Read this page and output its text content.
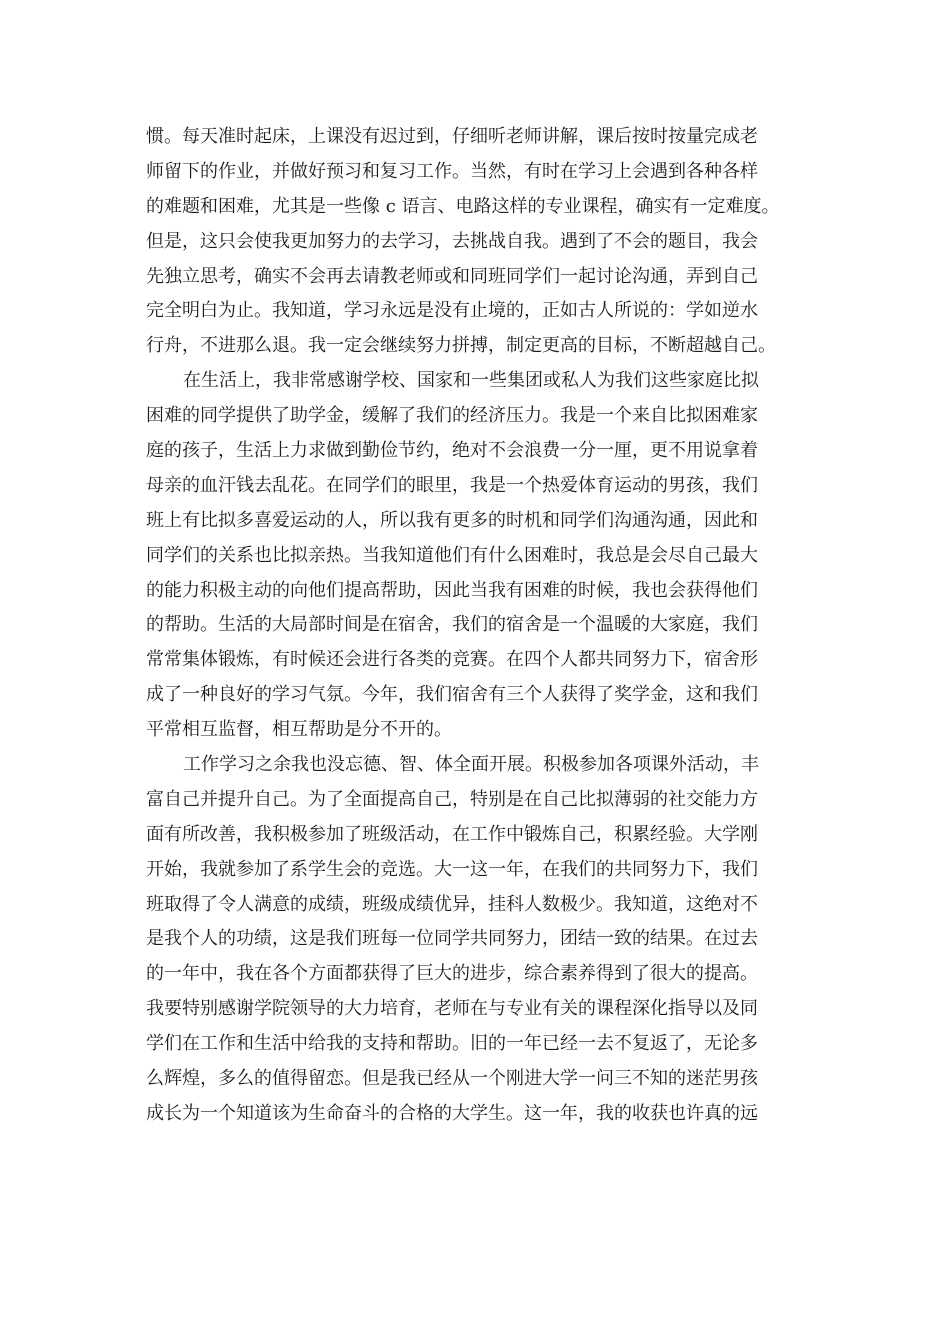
惯。每天准时起床，上课没有迟过到，仔细听老师讲解，课后按时按量完成老
师留下的作业，并做好预习和复习工作。当然，有时在学习上会遇到各种各样
的难题和困难，尤其是一些像 c 语言、电路这样的专业课程，确实有一定难度。
但是，这只会使我更加努力的去学习，去挑战自我。遇到了不会的题目，我会
先独立思考，确实不会再去请教老师或和同班同学们一起讨论沟通，弄到自己
完全明白为止。我知道，学习永远是没有止境的，正如古人所说的：学如逆水
行舟，不进那么退。我一定会继续努力拼搏，制定更高的目标，不断超越自己。
在生活上，我非常感谢学校、国家和一些集团或私人为我们这些家庭比拟
困难的同学提供了助学金，缓解了我们的经济压力。我是一个来自比拟困难家
庭的孩子，生活上力求做到勤俭节约，绝对不会浪费一分一厘，更不用说拿着
母亲的血汗钱去乱花。在同学们的眼里，我是一个热爱体育运动的男孩，我们
班上有比拟多喜爱运动的人，所以我有更多的时机和同学们沟通沟通，因此和
同学们的关系也比拟亲热。当我知道他们有什么困难时，我总是会尽自己最大
的能力积极主动的向他们提高帮助，因此当我有困难的时候，我也会获得他们
的帮助。生活的大局部时间是在宿舍，我们的宿舍是一个温暖的大家庭，我们
常常集体锻炼，有时候还会进行各类的竞赛。在四个人都共同努力下，宿舍形
成了一种良好的学习气氛。今年，我们宿舍有三个人获得了奖学金，这和我们
平常相互监督，相互帮助是分不开的。
工作学习之余我也没忘德、智、体全面开展。积极参加各项课外活动，丰
富自己并提升自己。为了全面提高自己，特别是在自己比拟薄弱的社交能力方
面有所改善，我积极参加了班级活动，在工作中锻炼自己，积累经验。大学刚
开始，我就参加了系学生会的竞选。大一这一年，在我们的共同努力下，我们
班取得了令人满意的成绩，班级成绩优异，挂科人数极少。我知道，这绝对不
是我个人的功绩，这是我们班每一位同学共同努力，团结一致的结果。在过去
的一年中，我在各个方面都获得了巨大的进步，综合素养得到了很大的提高。
我要特别感谢学院领导的大力培育，老师在与专业有关的课程深化指导以及同
学们在工作和生活中给我的支持和帮助。旧的一年已经一去不复返了，无论多
么辉煌，多么的值得留恋。但是我已经从一个刚进大学一问三不知的迷茫男孩
成长为一个知道该为生命奋斗的合格的大学生。这一年，我的收获也许真的远
